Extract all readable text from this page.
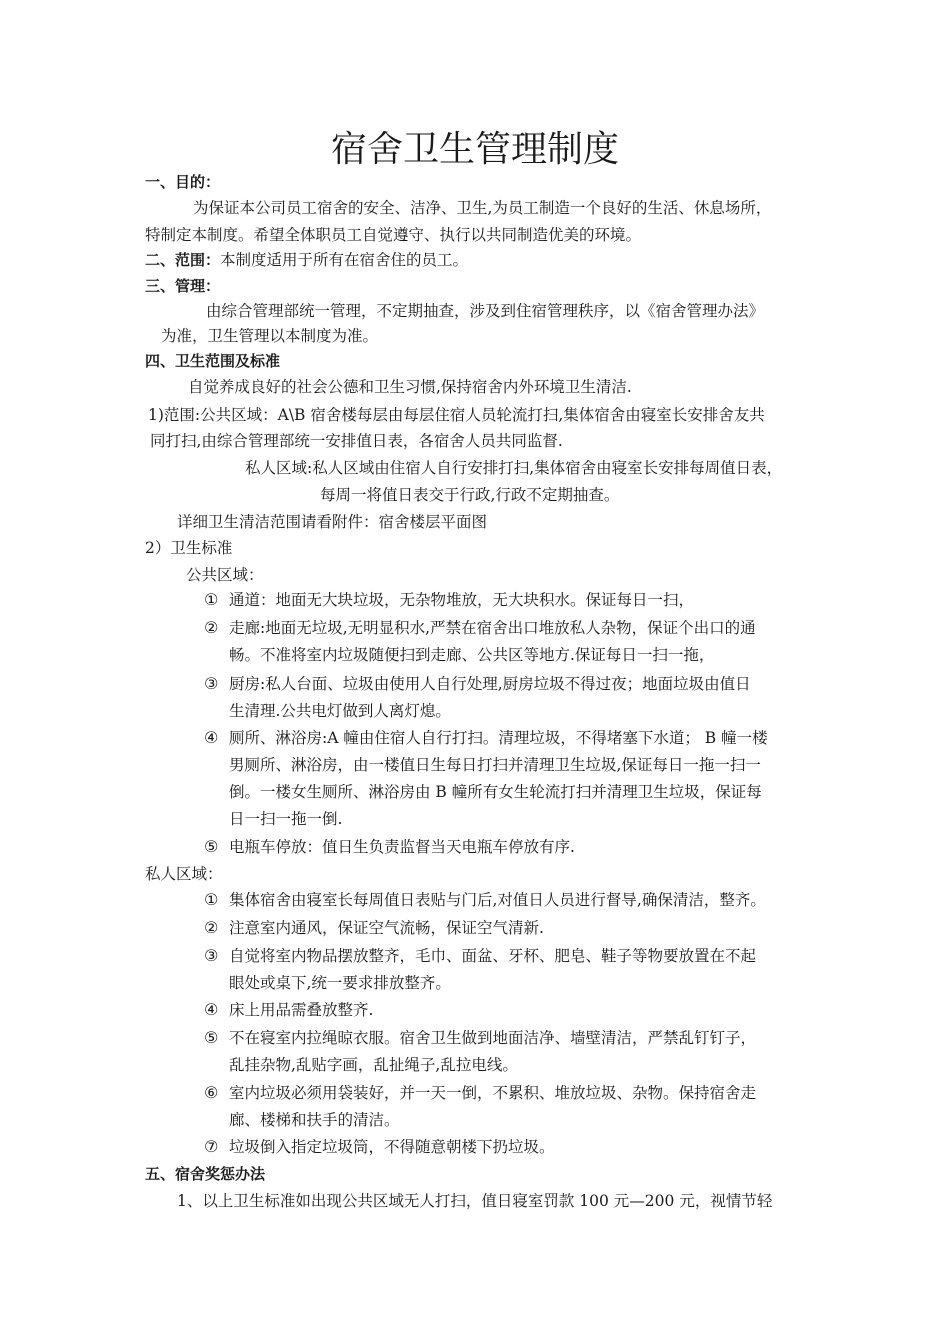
宿舍卫生管理制度
一、目的：
为保证本公司员工宿舍的安全、洁净、卫生,为员工制造一个良好的生活、休息场所，
特制定本制度。希望全体职员工自觉遵守、执行以共同制造优美的环境。
二、范围：本制度适用于所有在宿舍住的员工。
三、管理：
由综合管理部统一管理，不定期抽查，涉及到住宿管理秩序，以《宿舍管理办法》
为准，卫生管理以本制度为准。
四、卫生范围及标准
自觉养成良好的社会公德和卫生习惯,保持宿舍内外环境卫生清洁.
1)范围:公共区域：A\B 宿舍楼每层由每层住宿人员轮流打扫,集体宿舍由寝室长安排舍友共
同打扫,由综合管理部统一安排值日表，各宿舍人员共同监督.
私人区域:私人区域由住宿人自行安排打扫,集体宿舍由寝室长安排每周值日表，
每周一将值日表交于行政,行政不定期抽查。
详细卫生清洁范围请看附件：宿舍楼层平面图
2）卫生标准
公共区域：
① 通道：地面无大块垃圾，无杂物堆放，无大块积水。保证每日一扫，
② 走廊:地面无垃圾,无明显积水,严禁在宿舍出口堆放私人杂物，保证个出口的通
畅。不准将室内垃圾随便扫到走廊、公共区等地方.保证每日一扫一拖，
③ 厨房:私人台面、垃圾由使用人自行处理,厨房垃圾不得过夜；地面垃圾由值日
生清理.公共电灯做到人离灯熄。
④ 厕所、淋浴房:A 幢由住宿人自行打扫。清理垃圾，不得堵塞下水道； B 幢一楼
男厕所、淋浴房，由一楼值日生每日打扫并清理卫生垃圾,保证每日一拖一扫一
倒。一楼女生厕所、淋浴房由 B 幢所有女生轮流打扫并清理卫生垃圾，保证每
日一扫一拖一倒.
⑤ 电瓶车停放：值日生负责监督当天电瓶车停放有序.
私人区域：
① 集体宿舍由寝室长每周值日表贴与门后,对值日人员进行督导,确保清洁，整齐。
② 注意室内通风，保证空气流畅，保证空气清新.
③ 自觉将室内物品摆放整齐，毛巾、面盆、牙杯、肥皂、鞋子等物要放置在不起
眼处或桌下,统一要求排放整齐。
④ 床上用品需叠放整齐.
⑤ 不在寝室内拉绳晾衣服。宿舍卫生做到地面洁净、墙壁清洁，严禁乱钉钉子，
乱挂杂物,乱贴字画，乱扯绳子,乱拉电线。
⑥ 室内垃圾必须用袋装好，并一天一倒，不累积、堆放垃圾、杂物。保持宿舍走
廊、楼梯和扶手的清洁。
⑦ 垃圾倒入指定垃圾筒，不得随意朝楼下扔垃圾。
五、宿舍奖惩办法
1、以上卫生标准如出现公共区域无人打扫，值日寝室罚款 100 元—200 元，视情节轻
